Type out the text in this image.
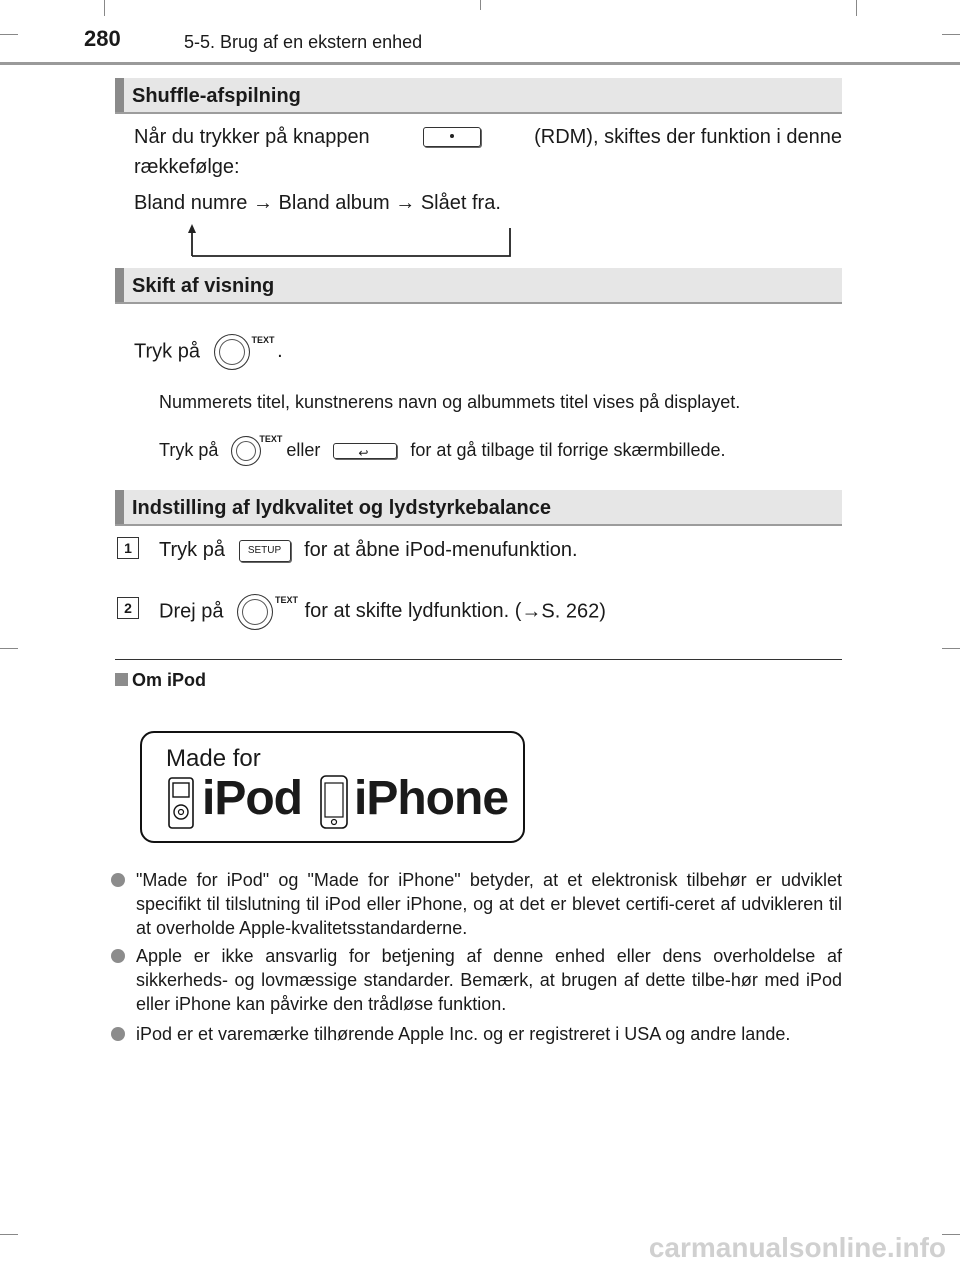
280	5-5. Brug af en ekstern enhed
Shuffle-afspilning
Når du trykker på knappen	(RDM), skiftes der funktion i denne
rækkefølge:
Bland numre → Bland album → Slået fra.
Skift af visning
Tryk på
TEXT
.
Nummerets titel, kunstnerens navn og albummets titel vises på displayet.
Tryk på
TEXT
eller	↩ for at gå tilbage til forrige skærmbillede.
Indstilling af lydkvalitet og lydstyrkebalance
1	Tryk på SETUP for at åbne iPod-menufunktion.
2	Drej på
TEXT
for at skifte lydfunktion. (→S. 262)
Om iPod
Made for
iPod iPhone
"Made for iPod" og "Made for iPhone" betyder, at et elektronisk tilbehør er udviklet specifikt til tilslutning til iPod eller iPhone, og at det er blevet certifi-ceret af udvikleren til at overholde Apple-kvalitetsstandarderne.
Apple er ikke ansvarlig for betjening af denne enhed eller dens overholdelse af sikkerheds- og lovmæssige standarder. Bemærk, at brugen af dette tilbe-hør med iPod eller iPhone kan påvirke den trådløse funktion.
iPod er et varemærke tilhørende Apple Inc. og er registreret i USA og andre lande.
carmanualsonline.info
